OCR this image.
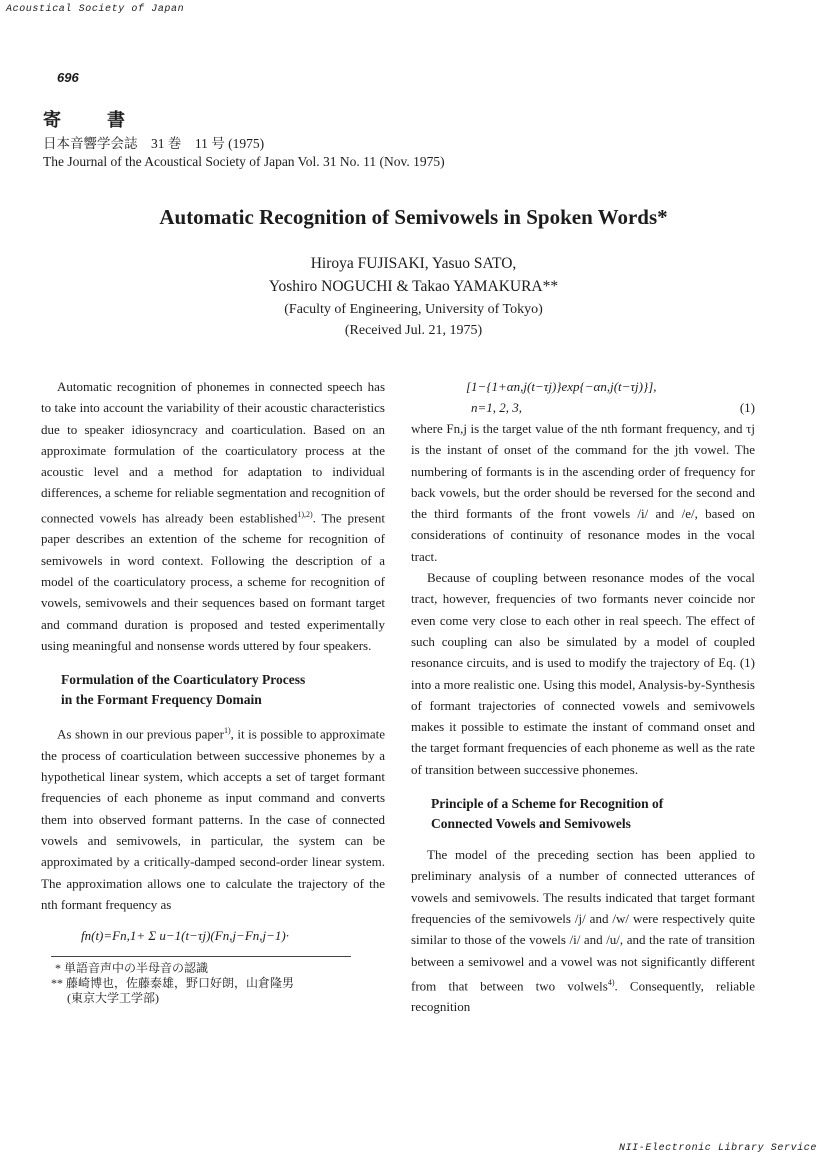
Acoustical Society of Japan
NII-Electronic Library Service
696
寄　書
日本音響学会誌　31 巻　11 号 (1975)
The Journal of the Acoustical Society of Japan Vol. 31 No. 11 (Nov. 1975)
Automatic Recognition of Semivowels in Spoken Words*
Hiroya FUJISAKI, Yasuo SATO,
Yoshiro NOGUCHI & Takao YAMAKURA**
(Faculty of Engineering, University of Tokyo)
(Received Jul. 21, 1975)

Automatic recognition of phonemes in connected speech has to take into account the variability of their acoustic characteristics due to speaker idiosyncracy and coarticulation. Based on an approximate formulation of the coarticulatory process at the acoustic level and a method for adaptation to individual differences, a scheme for reliable segmentation and recognition of connected vowels has already been established$^{1),2)}$. The present paper describes an extention of the scheme for recognition of semivowels in word context. Following the description of a model of the coarticulatory process, a scheme for recognition of vowels, semivowels and their sequences based on formant target and command duration is proposed and tested experimentally using meaningful and nonsense words uttered by four speakers.

Formulation of the Coarticulatory Process
in the Formant Frequency Domain

As shown in our previous paper$^{1)}$, it is possible to approximate the process of coarticulation between successive phonemes by a hypothetical linear system, which accepts a set of target formant frequencies of each phoneme as input command and converts them into observed formant patterns. In the case of connected vowels and semivowels, in particular, the system can be approximated by a critically-damped second-order linear system. The approximation allows one to calculate the trajectory of the nth formant frequency as

fn(t)=Fn,1+ Σ u−1(t−τj)(Fn,j−Fn,j−1)·
* 単語音声中の半母音の認識
** 藤崎博也，佐藤泰雄，野口好朗，山倉隆男
(東京大学工学部)
[1−{1+αn,j(t−τj)}exp{−αn,j(t−τj)}],
n=1, 2, 3,	(1)

where Fn,j is the target value of the nth formant frequency, and τj is the instant of onset of the command for the jth vowel. The numbering of formants is in the ascending order of frequency for back vowels, but the order should be reversed for the second and the third formants of the front vowels /i/ and /e/, based on considerations of continuity of resonance modes in the vocal tract.

Because of coupling between resonance modes of the vocal tract, however, frequencies of two formants never coincide nor even come very close to each other in real speech. The effect of such coupling can also be simulated by a model of coupled resonance circuits, and is used to modify the trajectory of Eq. (1) into a more realistic one. Using this model, Analysis-by-Synthesis of formant trajectories of connected vowels and semivowels makes it possible to estimate the instant of command onset and the target formant frequencies of each phoneme as well as the rate of transition between successive phonemes.

Principle of a Scheme for Recognition of
Connected Vowels and Semivowels

The model of the preceding section has been applied to preliminary analysis of a number of connected utterances of vowels and semivowels. The results indicated that target formant frequencies of the semivowels /j/ and /w/ were respectively quite similar to those of the vowels /i/ and /u/, and the rate of transition between a semivowel and a vowel was not significantly different from that between two volwels$^{4)}$. Consequently, reliable recognition
